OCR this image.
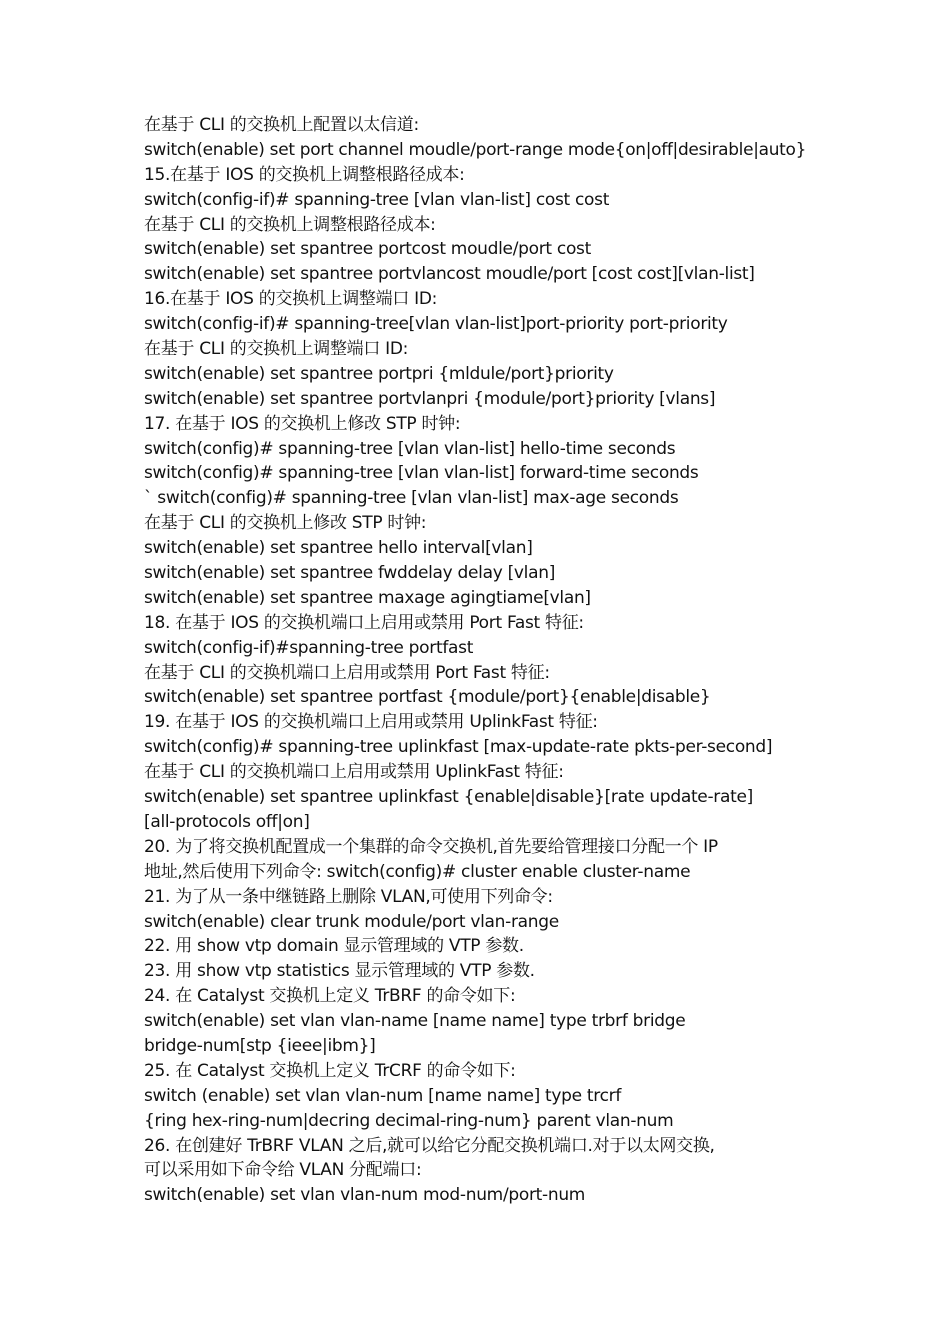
在基于 CLI 的交换机上配置以太信道:
switch(enable) set port channel moudle/port-range mode{on|off|desirable|auto}
15.在基于 IOS 的交换机上调整根路径成本:
switch(config-if)# spanning-tree [vlan vlan-list] cost cost
在基于 CLI 的交换机上调整根路径成本:
switch(enable) set spantree portcost moudle/port cost
switch(enable) set spantree portvlancost moudle/port [cost cost][vlan-list]
16.在基于 IOS 的交换机上调整端口 ID:
switch(config-if)# spanning-tree[vlan vlan-list]port-priority port-priority
在基于 CLI 的交换机上调整端口 ID:
switch(enable) set spantree portpri {mldule/port}priority
switch(enable) set spantree portvlanpri {module/port}priority [vlans]
17. 在基于 IOS 的交换机上修改 STP 时钟:
switch(config)# spanning-tree [vlan vlan-list] hello-time seconds
switch(config)# spanning-tree [vlan vlan-list] forward-time seconds
` switch(config)# spanning-tree [vlan vlan-list] max-age seconds
在基于 CLI 的交换机上修改 STP 时钟:
switch(enable) set spantree hello interval[vlan]
switch(enable) set spantree fwddelay delay [vlan]
switch(enable) set spantree maxage agingtiame[vlan]
18. 在基于 IOS 的交换机端口上启用或禁用 Port Fast 特征:
switch(config-if)#spanning-tree portfast
在基于 CLI 的交换机端口上启用或禁用 Port Fast 特征:
switch(enable) set spantree portfast {module/port}{enable|disable}
19. 在基于 IOS 的交换机端口上启用或禁用 UplinkFast 特征:
switch(config)# spanning-tree uplinkfast [max-update-rate pkts-per-second]
在基于 CLI 的交换机端口上启用或禁用 UplinkFast 特征:
switch(enable) set spantree uplinkfast {enable|disable}[rate update-rate]
[all-protocols off|on]
20. 为了将交换机配置成一个集群的命令交换机,首先要给管理接口分配一个 IP
地址,然后使用下列命令: switch(config)# cluster enable cluster-name
21. 为了从一条中继链路上删除 VLAN,可使用下列命令:
switch(enable) clear trunk module/port vlan-range
22. 用 show vtp domain 显示管理域的 VTP 参数.
23. 用 show vtp statistics 显示管理域的 VTP 参数.
24. 在 Catalyst 交换机上定义 TrBRF 的命令如下:
switch(enable) set vlan vlan-name [name name] type trbrf bridge
bridge-num[stp {ieee|ibm}]
25. 在 Catalyst 交换机上定义 TrCRF 的命令如下:
switch (enable) set vlan vlan-num [name name] type trcrf
{ring hex-ring-num|decring decimal-ring-num} parent vlan-num
26. 在创建好 TrBRF VLAN 之后,就可以给它分配交换机端口.对于以太网交换,
可以采用如下命令给 VLAN 分配端口:
switch(enable) set vlan vlan-num mod-num/port-num
